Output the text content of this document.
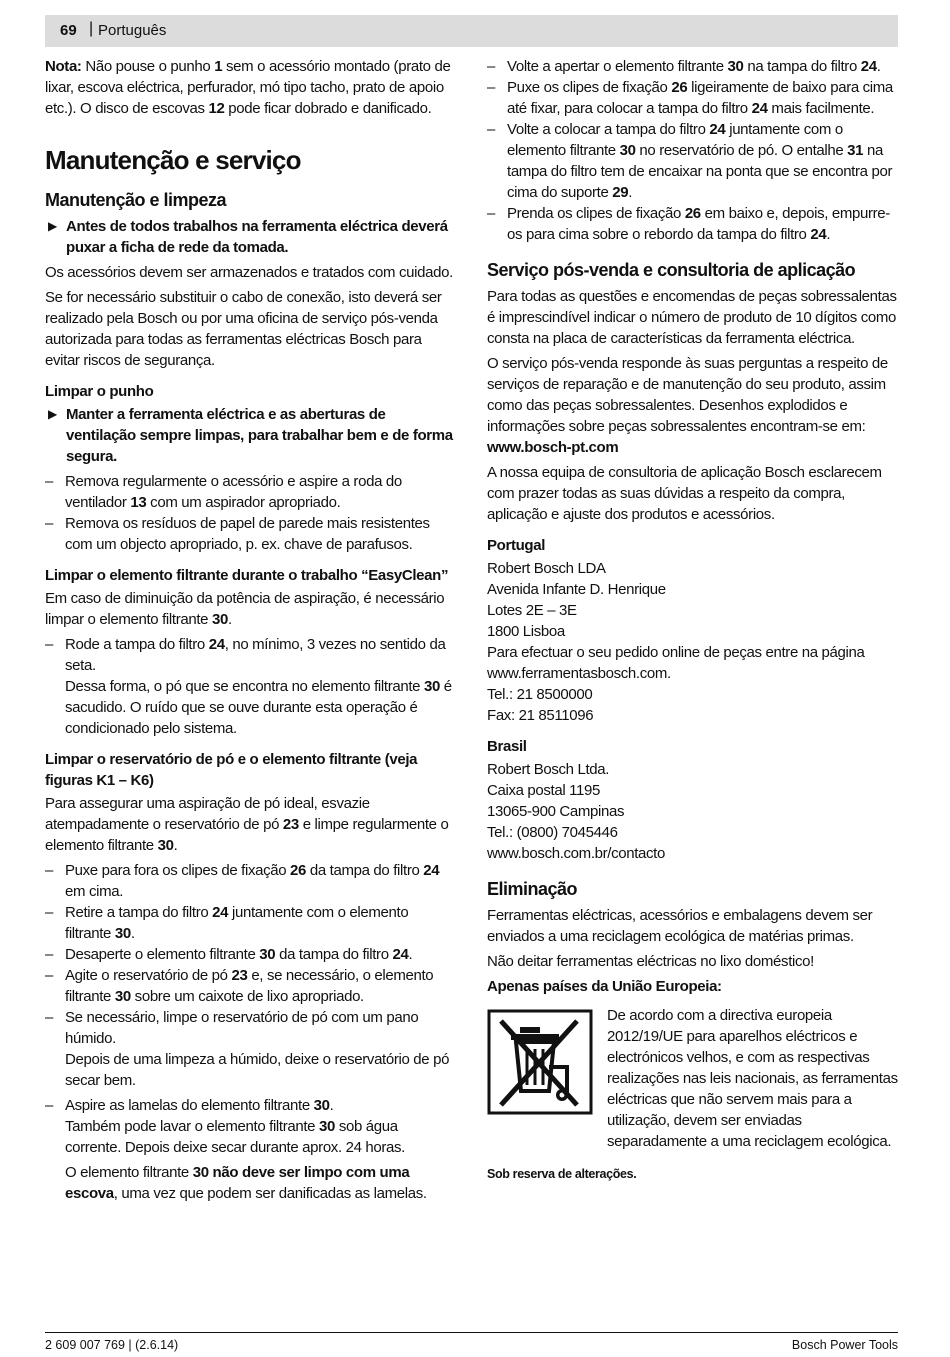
69 | Português

Nota: Não pouse o punho 1 sem o acessório montado (prato de lixar, escova eléctrica, perfurador, mó tipo tacho, prato de apoio etc.). O disco de escovas 12 pode ficar dobrado e danificado.

Manutenção e serviço
Manutenção e limpeza
▶ Antes de todos trabalhos na ferramenta eléctrica deverá puxar a ficha de rede da tomada.

Os acessórios devem ser armazenados e tratados com cuidado.

Se for necessário substituir o cabo de conexão, isto deverá ser realizado pela Bosch ou por uma oficina de serviço pós-venda autorizada para todas as ferramentas eléctricas Bosch para evitar riscos de segurança.

Limpar o punho
▶ Manter a ferramenta eléctrica e as aberturas de ventilação sempre limpas, para trabalhar bem e de forma segura.
– Remova regularmente o acessório e aspire a roda do ventilador 13 com um aspirador apropriado.
– Remova os resíduos de papel de parede mais resistentes com um objecto apropriado, p. ex. chave de parafusos.
Limpar o elemento filtrante durante o trabalho “EasyClean”

Em caso de diminuição da potência de aspiração, é necessário limpar o elemento filtrante 30.

– Rode a tampa do filtro 24, no mínimo, 3 vezes no sentido da seta.
Dessa forma, o pó que se encontra no elemento filtrante 30 é sacudido. O ruído que se ouve durante esta operação é condicionado pelo sistema.
Limpar o reservatório de pó e o elemento filtrante (veja figuras K1 – K6)

Para assegurar uma aspiração de pó ideal, esvazie atempadamente o reservatório de pó 23 e limpe regularmente o elemento filtrante 30.

– Puxe para fora os clipes de fixação 26 da tampa do filtro 24 em cima.
– Retire a tampa do filtro 24 juntamente com o elemento filtrante 30.
– Desaperte o elemento filtrante 30 da tampa do filtro 24.
– Agite o reservatório de pó 23 e, se necessário, o elemento filtrante 30 sobre um caixote de lixo apropriado.
– Se necessário, limpe o reservatório de pó com um pano húmido.
Depois de uma limpeza a húmido, deixe o reservatório de pó secar bem.
– Aspire as lamelas do elemento filtrante 30.
Também pode lavar o elemento filtrante 30 sob água corrente. Depois deixe secar durante aprox. 24 horas.

O elemento filtrante 30 não deve ser limpo com uma escova, uma vez que podem ser danificadas as lamelas.
– Volte a apertar o elemento filtrante 30 na tampa do filtro 24.
– Puxe os clipes de fixação 26 ligeiramente de baixo para cima até fixar, para colocar a tampa do filtro 24 mais facilmente.
– Volte a colocar a tampa do filtro 24 juntamente com o elemento filtrante 30 no reservatório de pó. O entalhe 31 na tampa do filtro tem de encaixar na ponta que se encontra por cima do suporte 29.
– Prenda os clipes de fixação 26 em baixo e, depois, empurre-os para cima sobre o rebordo da tampa do filtro 24.
Serviço pós-venda e consultoria de aplicação

Para todas as questões e encomendas de peças sobressalentas é imprescindível indicar o número de produto de 10 dígitos como consta na placa de características da ferramenta eléctrica.

O serviço pós-venda responde às suas perguntas a respeito de serviços de reparação e de manutenção do seu produto, assim como das peças sobressalentes. Desenhos explodidos e informações sobre peças sobressalentes encontram-se em:
www.bosch-pt.com

A nossa equipa de consultoria de aplicação Bosch esclarecem com prazer todas as suas dúvidas a respeito da compra, aplicação e ajuste dos produtos e acessórios.

Portugal

Robert Bosch LDA

Avenida Infante D. Henrique

Lotes 2E – 3E

1800 Lisboa

Para efectuar o seu pedido online de peças entre na página www.ferramentasbosch.com.

Tel.: 21 8500000

Fax: 21 8511096

Brasil

Robert Bosch Ltda.

Caixa postal 1195

13065-900 Campinas

Tel.: (0800) 7045446

www.bosch.com.br/contacto

Eliminação

Ferramentas eléctricas, acessórios e embalagens devem ser enviados a uma reciclagem ecológica de matérias primas.

Não deitar ferramentas eléctricas no lixo doméstico!

Apenas países da União Europeia:

De acordo com a directiva europeia 2012/19/UE para aparelhos eléctricos e electrónicos velhos, e com as respectivas realizações nas leis nacionais, as ferramentas eléctricas que não servem mais para a utilização, devem ser enviadas separadamente a uma reciclagem ecológica.

Sob reserva de alterações.
2 609 007 769 | (2.6.14)	Bosch Power Tools
